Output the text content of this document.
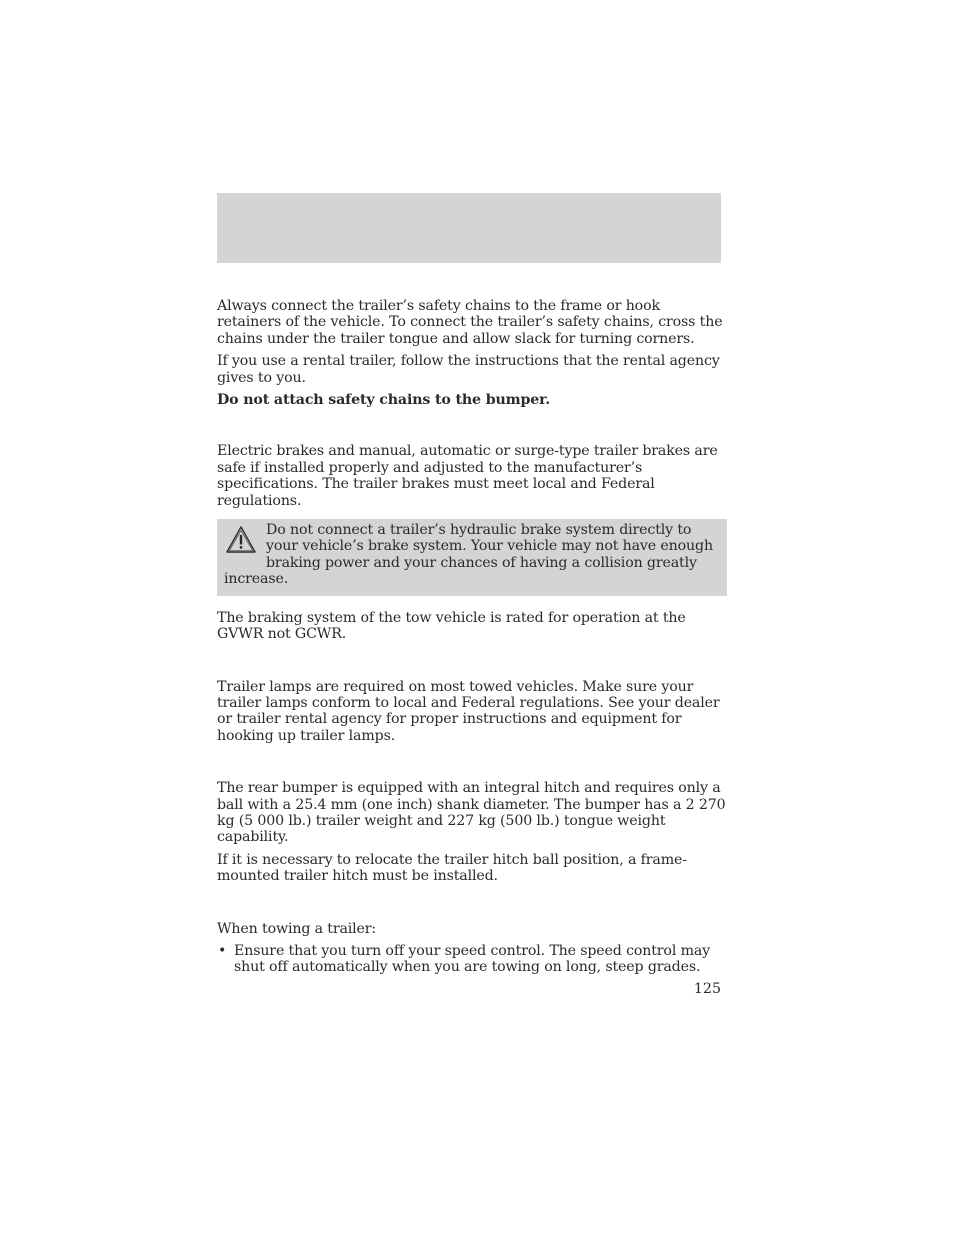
Always connect the trailer’s safety chains to the frame or hook retainers of the vehicle. To connect the trailer’s safety chains, cross the chains under the trailer tongue and allow slack for turning corners.

If you use a rental trailer, follow the instructions that the rental agency gives to you.

Do not attach safety chains to the bumper.

Electric brakes and manual, automatic or surge-type trailer brakes are safe if installed properly and adjusted to the manufacturer’s specifications. The trailer brakes must meet local and Federal regulations.

Do not connect a trailer’s hydraulic brake system directly to your vehicle’s brake system. Your vehicle may not have enough braking power and your chances of having a collision greatly increase.

The braking system of the tow vehicle is rated for operation at the GVWR not GCWR.

Trailer lamps are required on most towed vehicles. Make sure your trailer lamps conform to local and Federal regulations. See your dealer or trailer rental agency for proper instructions and equipment for hooking up trailer lamps.

The rear bumper is equipped with an integral hitch and requires only a ball with a 25.4 mm (one inch) shank diameter. The bumper has a 2 270 kg (5 000 lb.) trailer weight and 227 kg (500 lb.) tongue weight capability.

If it is necessary to relocate the trailer hitch ball position, a frame-mounted trailer hitch must be installed.

When towing a trailer:

• Ensure that you turn off your speed control. The speed control may shut off automatically when you are towing on long, steep grades.
125
